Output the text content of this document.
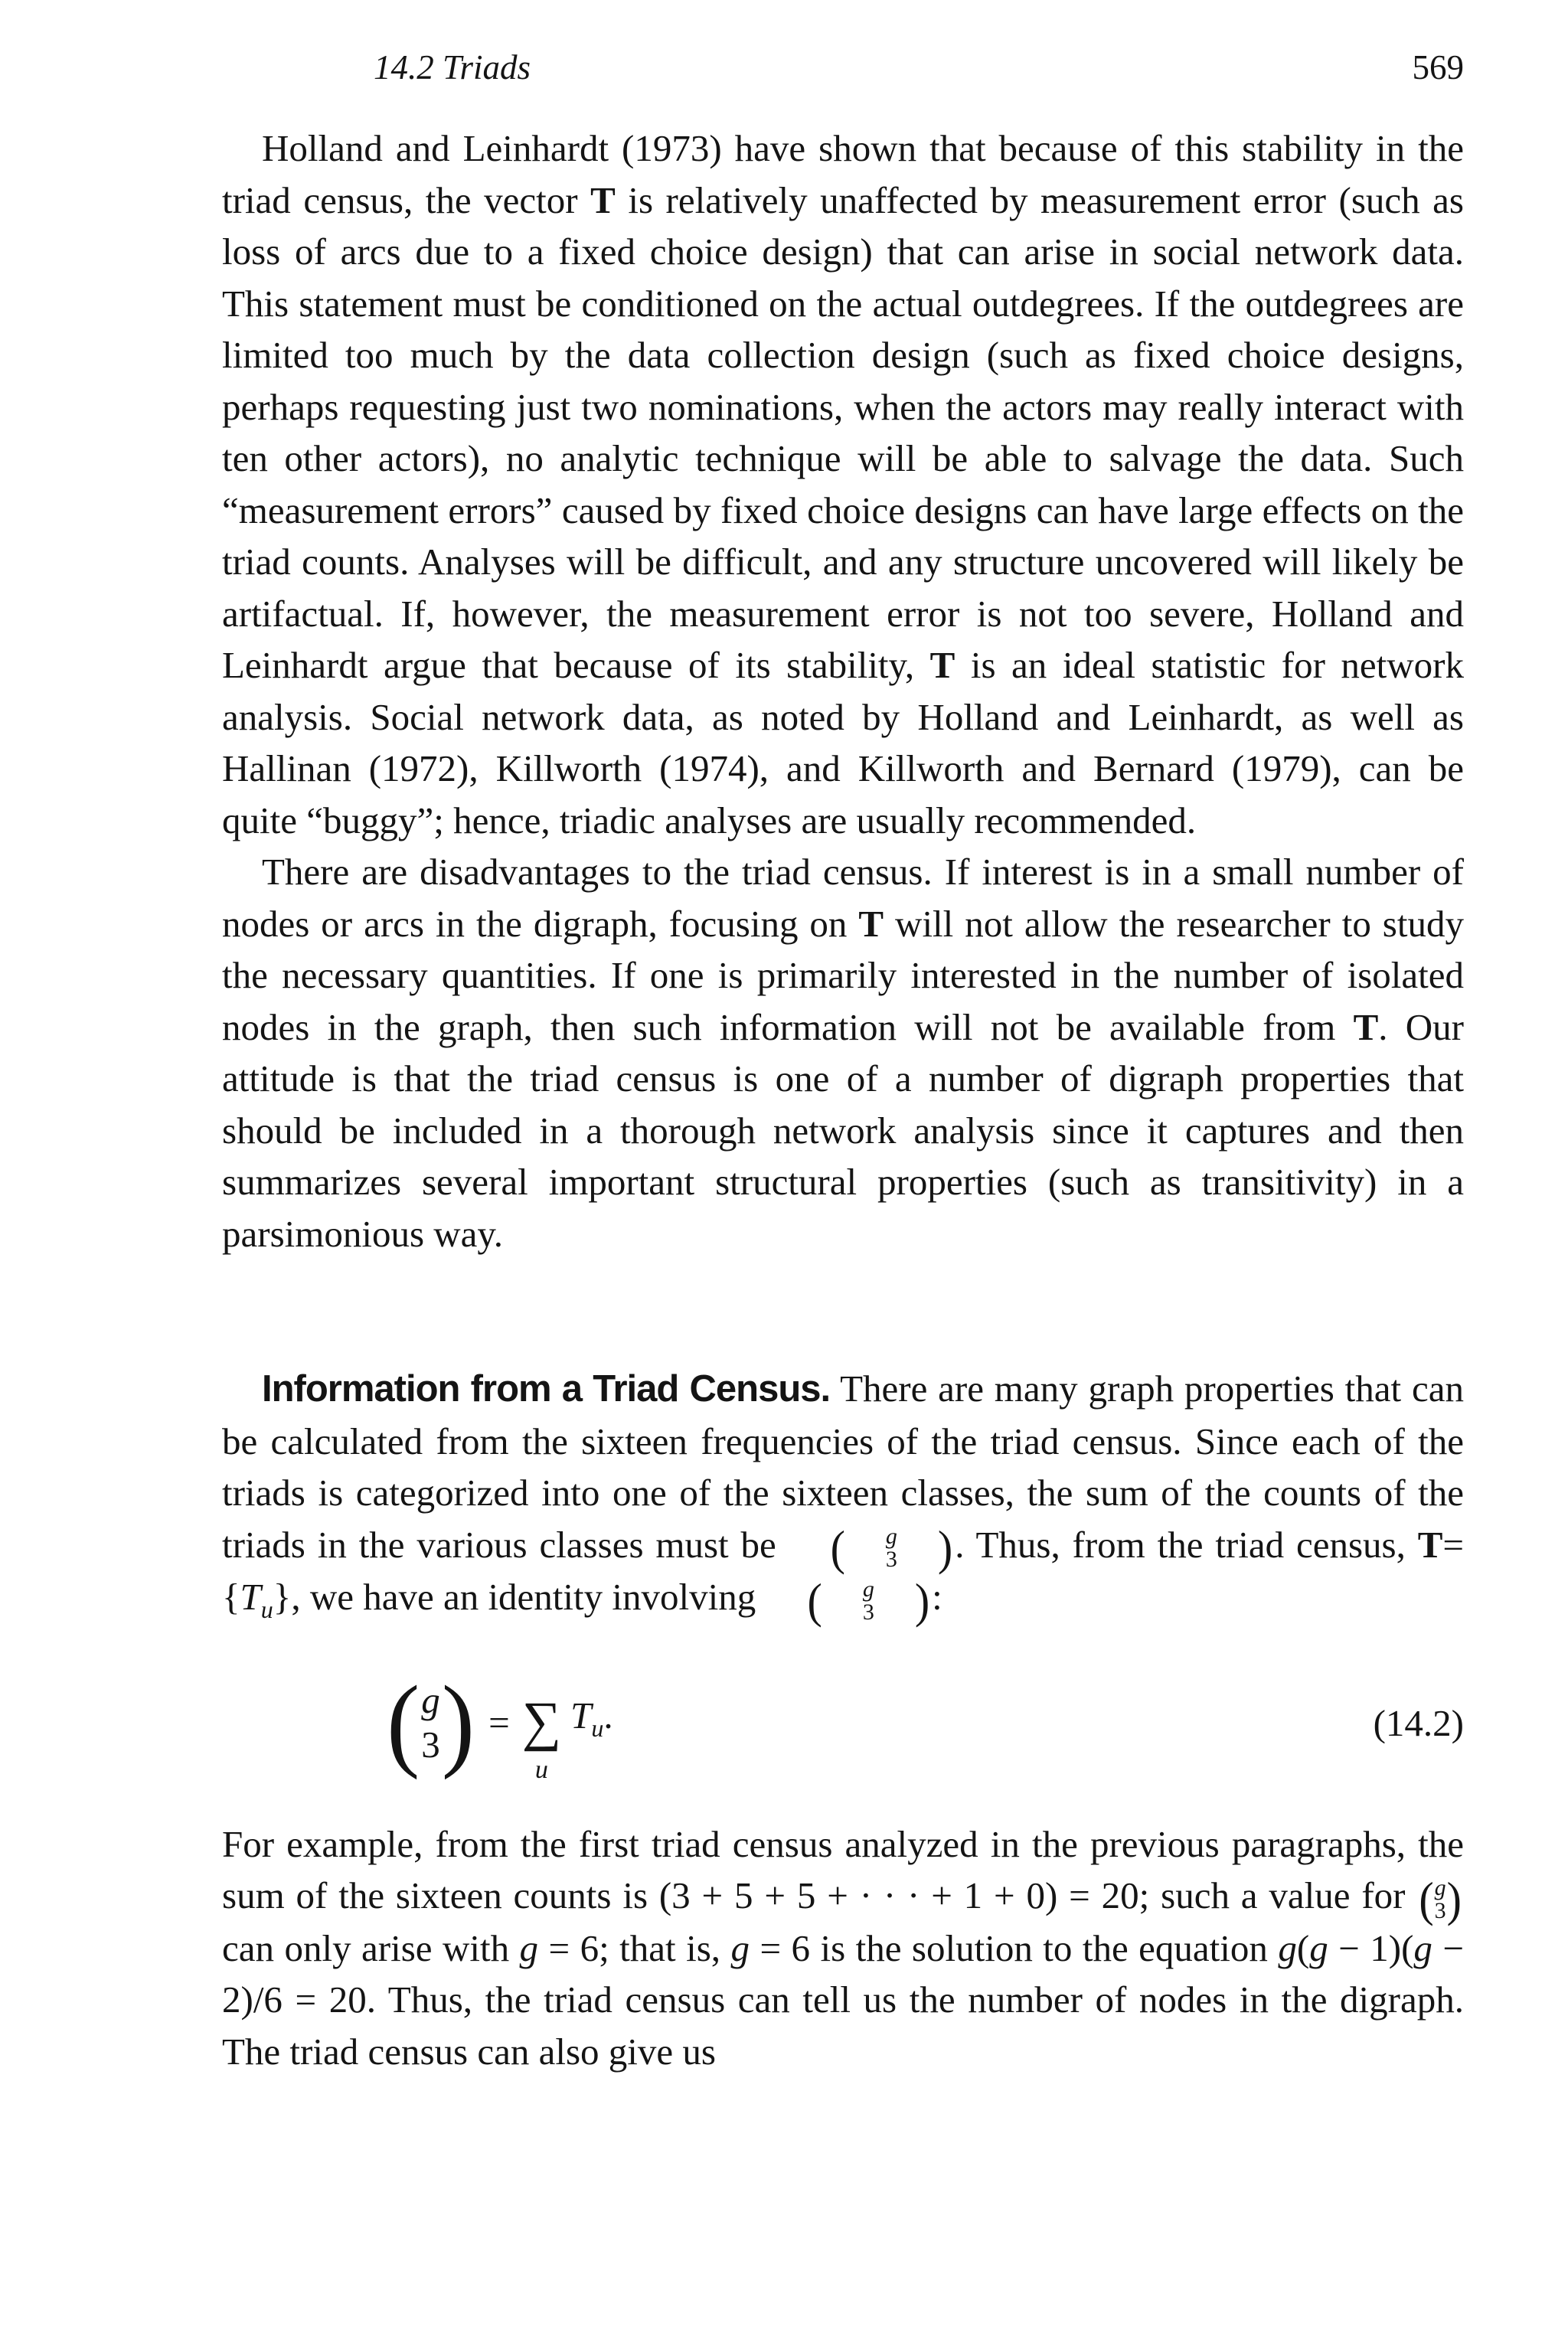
14.2 Triads	569

Holland and Leinhardt (1973) have shown that because of this stability in the triad census, the vector T is relatively unaffected by measurement error (such as loss of arcs due to a fixed choice design) that can arise in social network data. This statement must be conditioned on the actual outdegrees. If the outdegrees are limited too much by the data collection design (such as fixed choice designs, perhaps requesting just two nominations, when the actors may really interact with ten other actors), no analytic technique will be able to salvage the data. Such “measurement errors” caused by fixed choice designs can have large effects on the triad counts. Analyses will be difficult, and any structure uncovered will likely be artifactual. If, however, the measurement error is not too severe, Holland and Leinhardt argue that because of its stability, T is an ideal statistic for network analysis. Social network data, as noted by Holland and Leinhardt, as well as Hallinan (1972), Killworth (1974), and Killworth and Bernard (1979), can be quite “buggy”; hence, triadic analyses are usually recommended.

There are disadvantages to the triad census. If interest is in a small number of nodes or arcs in the digraph, focusing on T will not allow the researcher to study the necessary quantities. If one is primarily interested in the number of isolated nodes in the graph, then such information will not be available from T. Our attitude is that the triad census is one of a number of digraph properties that should be included in a thorough network analysis since it captures and then summarizes several important structural properties (such as transitivity) in a parsimonious way.

Information from a Triad Census. There are many graph properties that can be calculated from the sixteen frequencies of the triad census. Since each of the triads is categorized into one of the sixteen classes, the sum of the counts of the triads in the various classes must be (	g
3 ) . Thus, from the triad census, $T= \{T_u\}$, we have an identity involving (	g
3 ) :

( g
3 ) = ∑
u
$T_u$.	(14.2)

For example, from the first triad census analyzed in the previous paragraphs, the sum of the sixteen counts is (3 + 5 + 5 + · · · + 1 + 0) = 20; such a value for ( g
3 )
can only arise with g = 6; that is, g = 6 is the solution to the equation g(g − 1)(g − 2)/6 = 20. Thus, the triad census can tell us the number of nodes in the digraph. The triad census can also give us
